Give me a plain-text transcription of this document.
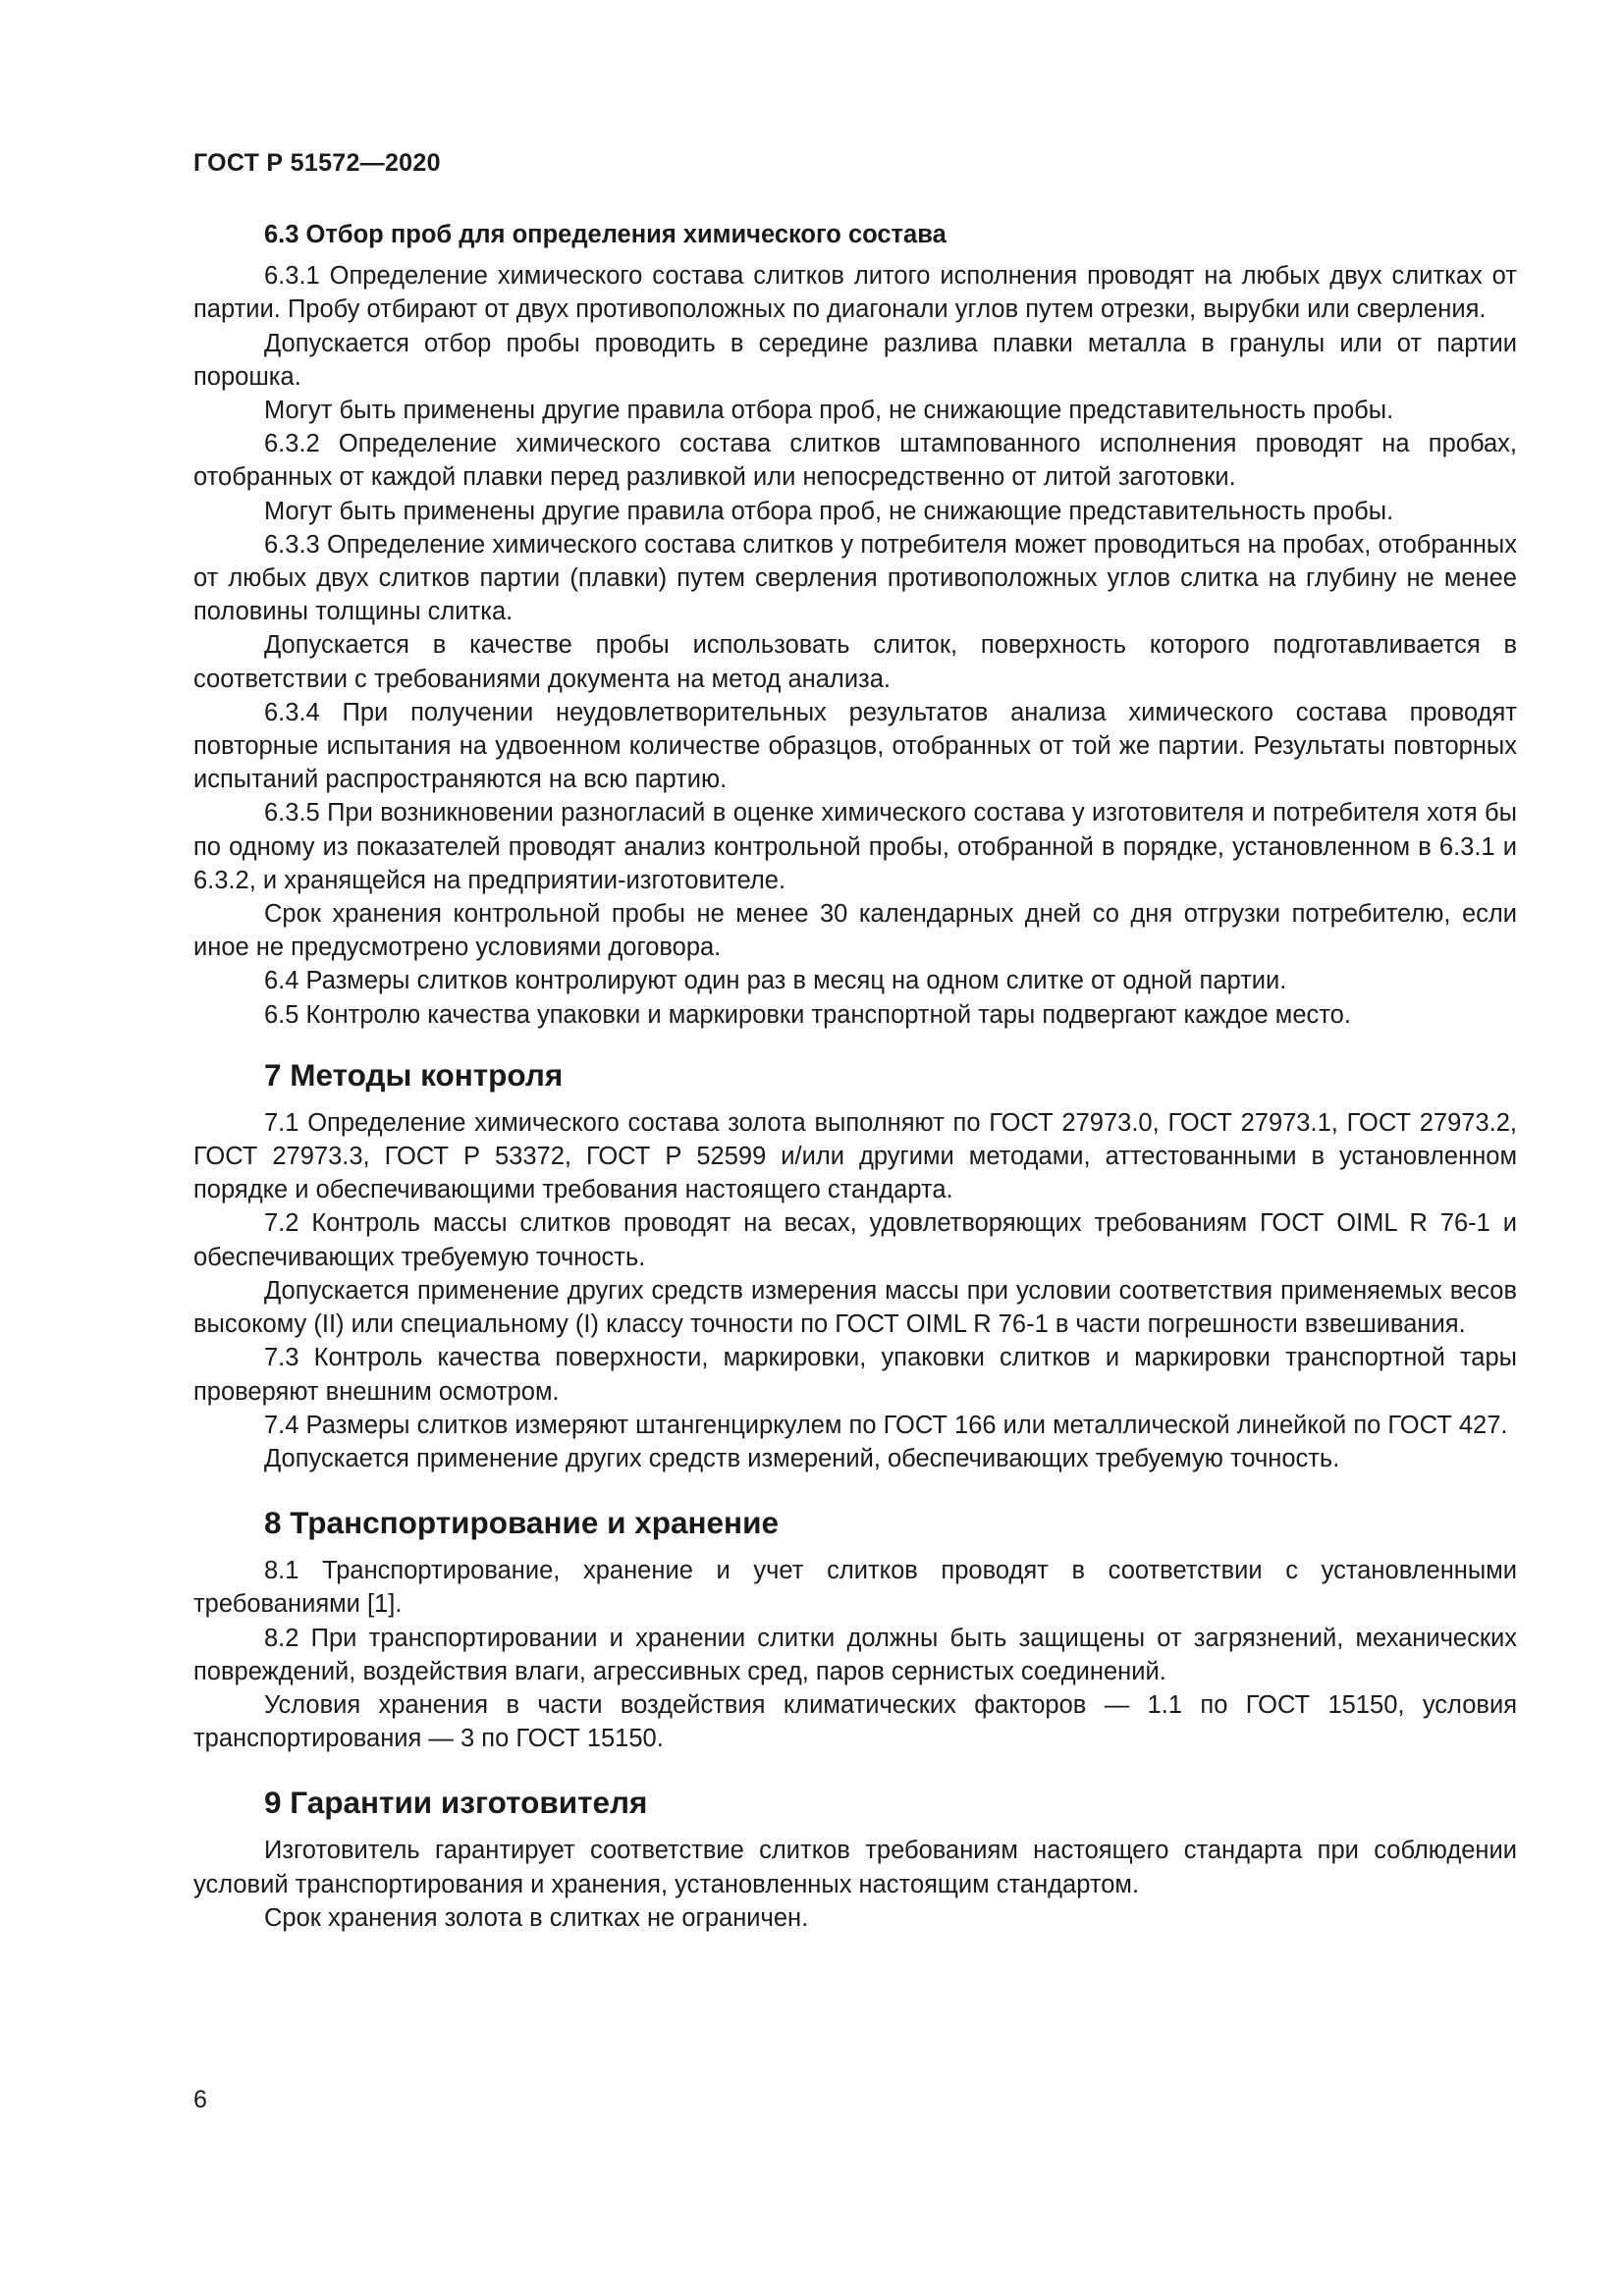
ГОСТ Р 51572—2020
6.3 Отбор проб для определения химического состава

6.3.1 Определение химического состава слитков литого исполнения проводят на любых двух слитках от партии. Пробу отбирают от двух противоположных по диагонали углов путем отрезки, вырубки или сверления.

Допускается отбор пробы проводить в середине разлива плавки металла в гранулы или от партии порошка.

Могут быть применены другие правила отбора проб, не снижающие представительность пробы.

6.3.2 Определение химического состава слитков штампованного исполнения проводят на пробах, отобранных от каждой плавки перед разливкой или непосредственно от литой заготовки.

Могут быть применены другие правила отбора проб, не снижающие представительность пробы.

6.3.3 Определение химического состава слитков у потребителя может проводиться на пробах, отобранных от любых двух слитков партии (плавки) путем сверления противоположных углов слитка на глубину не менее половины толщины слитка.

Допускается в качестве пробы использовать слиток, поверхность которого подготавливается в соответствии с требованиями документа на метод анализа.

6.3.4 При получении неудовлетворительных результатов анализа химического состава проводят повторные испытания на удвоенном количестве образцов, отобранных от той же партии. Результаты повторных испытаний распространяются на всю партию.

6.3.5 При возникновении разногласий в оценке химического состава у изготовителя и потребителя хотя бы по одному из показателей проводят анализ контрольной пробы, отобранной в порядке, установленном в 6.3.1 и 6.3.2, и хранящейся на предприятии-изготовителе.

Срок хранения контрольной пробы не менее 30 календарных дней со дня отгрузки потребителю, если иное не предусмотрено условиями договора.

6.4 Размеры слитков контролируют один раз в месяц на одном слитке от одной партии.

6.5 Контролю качества упаковки и маркировки транспортной тары подвергают каждое место.

7 Методы контроля

7.1 Определение химического состава золота выполняют по ГОСТ 27973.0, ГОСТ 27973.1, ГОСТ 27973.2, ГОСТ 27973.3, ГОСТ Р 53372, ГОСТ Р 52599 и/или другими методами, аттестованными в установленном порядке и обеспечивающими требования настоящего стандарта.

7.2 Контроль массы слитков проводят на весах, удовлетворяющих требованиям ГОСТ OIML R 76-1 и обеспечивающих требуемую точность.

Допускается применение других средств измерения массы при условии соответствия применяемых весов высокому (II) или специальному (I) классу точности по ГОСТ OIML R 76-1 в части погрешности взвешивания.

7.3 Контроль качества поверхности, маркировки, упаковки слитков и маркировки транспортной тары проверяют внешним осмотром.

7.4 Размеры слитков измеряют штангенциркулем по ГОСТ 166 или металлической линейкой по ГОСТ 427.

Допускается применение других средств измерений, обеспечивающих требуемую точность.

8 Транспортирование и хранение

8.1 Транспортирование, хранение и учет слитков проводят в соответствии с установленными требованиями [1].

8.2 При транспортировании и хранении слитки должны быть защищены от загрязнений, механических повреждений, воздействия влаги, агрессивных сред, паров сернистых соединений.

Условия хранения в части воздействия климатических факторов — 1.1 по ГОСТ 15150, условия транспортирования — 3 по ГОСТ 15150.

9 Гарантии изготовителя

Изготовитель гарантирует соответствие слитков требованиям настоящего стандарта при соблюдении условий транспортирования и хранения, установленных настоящим стандартом.

Срок хранения золота в слитках не ограничен.

6
